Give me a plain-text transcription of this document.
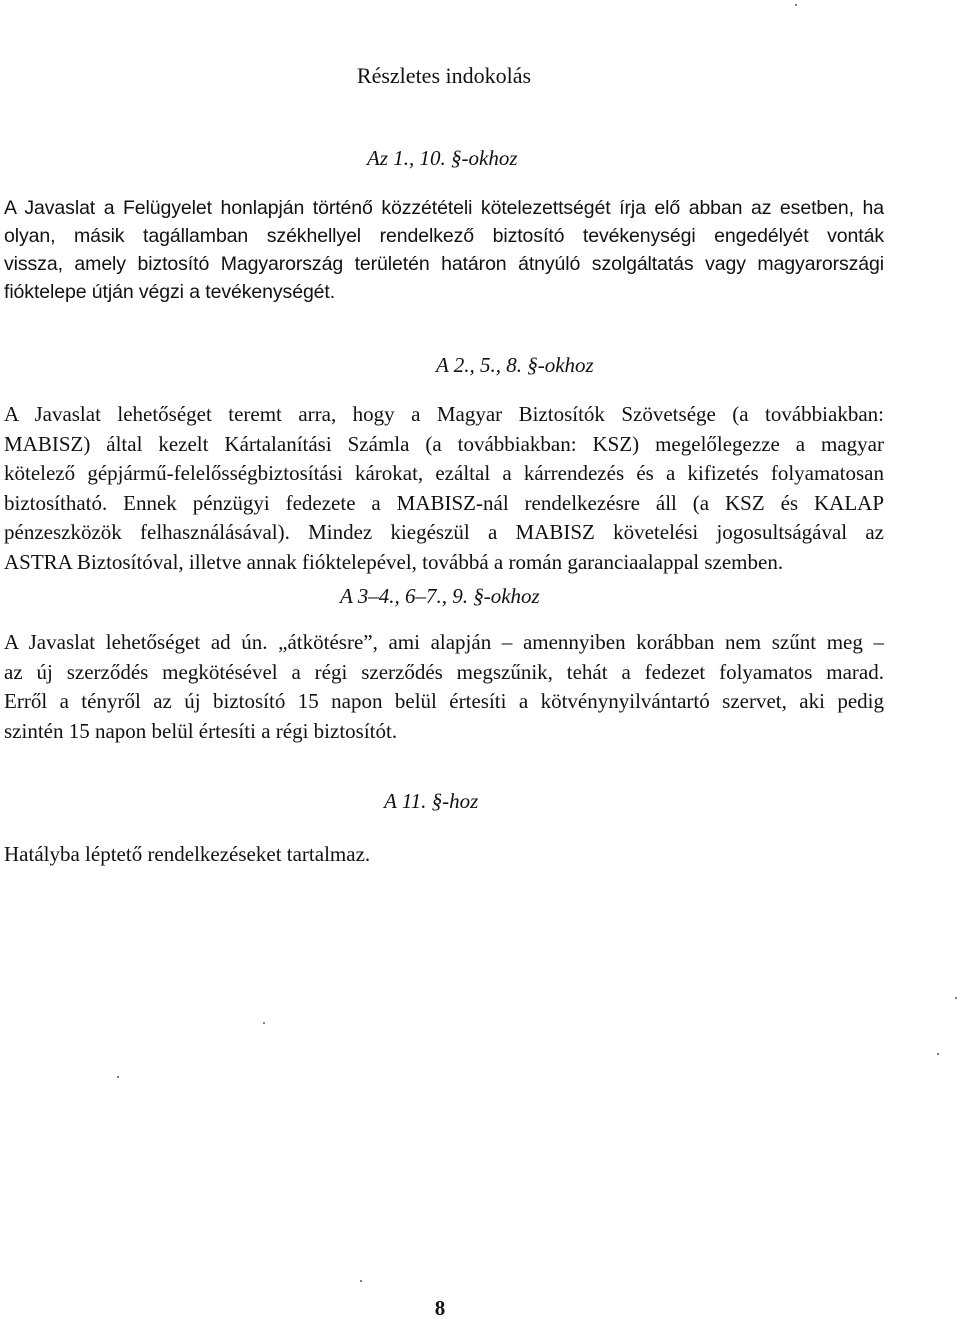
Részletes indokolás
Az 1., 10. §-okhoz
A Javaslat a Felügyelet honlapján történő közzétételi kötelezettségét írja elő abban az esetben, ha
olyan, másik tagállamban székhellyel rendelkező biztosító tevékenységi engedélyét vonták
vissza, amely biztosító Magyarország területén határon átnyúló szolgáltatás vagy magyarországi
fióktelepe útján végzi a tevékenységét.
A 2., 5., 8. §-okhoz
A Javaslat lehetőséget teremt arra, hogy a Magyar Biztosítók Szövetsége (a továbbiakban:
MABISZ) által kezelt Kártalanítási Számla (a továbbiakban: KSZ) megelőlegezze a magyar
kötelező gépjármű-felelősségbiztosítási károkat, ezáltal a kárrendezés és a kifizetés folyamatosan
biztosítható. Ennek pénzügyi fedezete a MABISZ-nál rendelkezésre áll (a KSZ és KALAP
pénzeszközök felhasználásával). Mindez kiegészül a MABISZ követelési jogosultságával az
ASTRA Biztosítóval, illetve annak fióktelepével, továbbá a román garanciaalappal szemben.
A 3–4., 6–7., 9. §-okhoz
A Javaslat lehetőséget ad ún. „átkötésre”, ami alapján – amennyiben korábban nem szűnt meg –
az új szerződés megkötésével a régi szerződés megszűnik, tehát a fedezet folyamatos marad.
Erről a tényről az új biztosító 15 napon belül értesíti a kötvénynyilvántartó szervet, aki pedig
szintén 15 napon belül értesíti a régi biztosítót.
A 11. §-hoz
Hatályba léptető rendelkezéseket tartalmaz.
8
